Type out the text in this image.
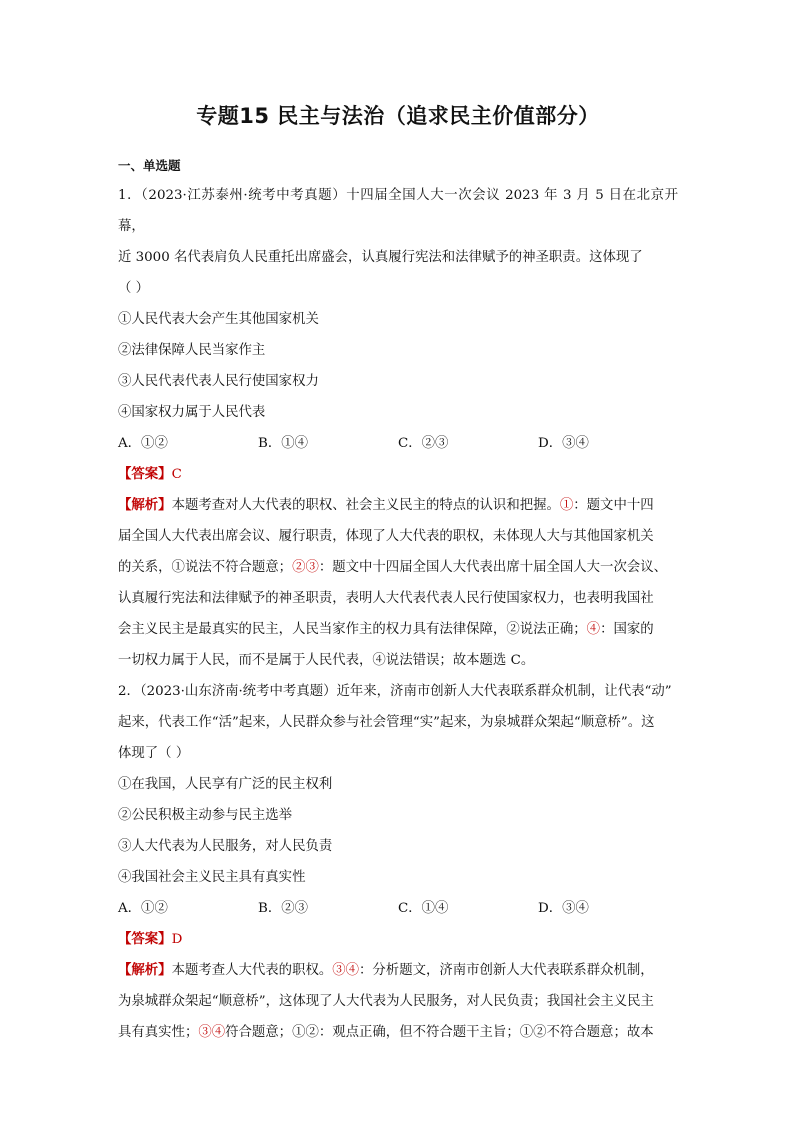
专题15 民主与法治（追求民主价值部分）
一、单选题

1．（2023·江苏泰州·统考中考真题）十四届全国人大一次会议 2023 年 3 月 5 日在北京开幕，

近 3000 名代表肩负人民重托出席盛会，认真履行宪法和法律赋予的神圣职责。这体现了

（ ）

①人民代表大会产生其他国家机关

②法律保障人民当家作主

③人民代表代表人民行使国家权力

④国家权力属于人民代表

A．①②	B．①④	C．②③	D．③④

【答案】C

【解析】本题考查对人大代表的职权、社会主义民主的特点的认识和把握。①：题文中十四
届全国人大代表出席会议、履行职责，体现了人大代表的职权，未体现人大与其他国家机关
的关系，①说法不符合题意；②③：题文中十四届全国人大代表出席十届全国人大一次会议、
认真履行宪法和法律赋予的神圣职责，表明人大代表代表人民行使国家权力，也表明我国社
会主义民主是最真实的民主，人民当家作主的权力具有法律保障，②说法正确；④：国家的
一切权力属于人民，而不是属于人民代表，④说法错误；故本题选 C。

2．（2023·山东济南·统考中考真题）近年来，济南市创新人大代表联系群众机制，让代表“动”

起来，代表工作“活”起来，人民群众参与社会管理“实”起来，为泉城群众架起“顺意桥”。这

体现了（ ）

①在我国，人民享有广泛的民主权利

②公民积极主动参与民主选举

③人大代表为人民服务，对人民负责

④我国社会主义民主具有真实性

A．①②	B．②③	C．①④	D．③④

【答案】D

【解析】本题考查人大代表的职权。③④：分析题文，济南市创新人大代表联系群众机制，
为泉城群众架起“顺意桥”，这体现了人大代表为人民服务，对人民负责；我国社会主义民主
具有真实性；③④符合题意；①②：观点正确，但不符合题干主旨；①②不符合题意；故本
